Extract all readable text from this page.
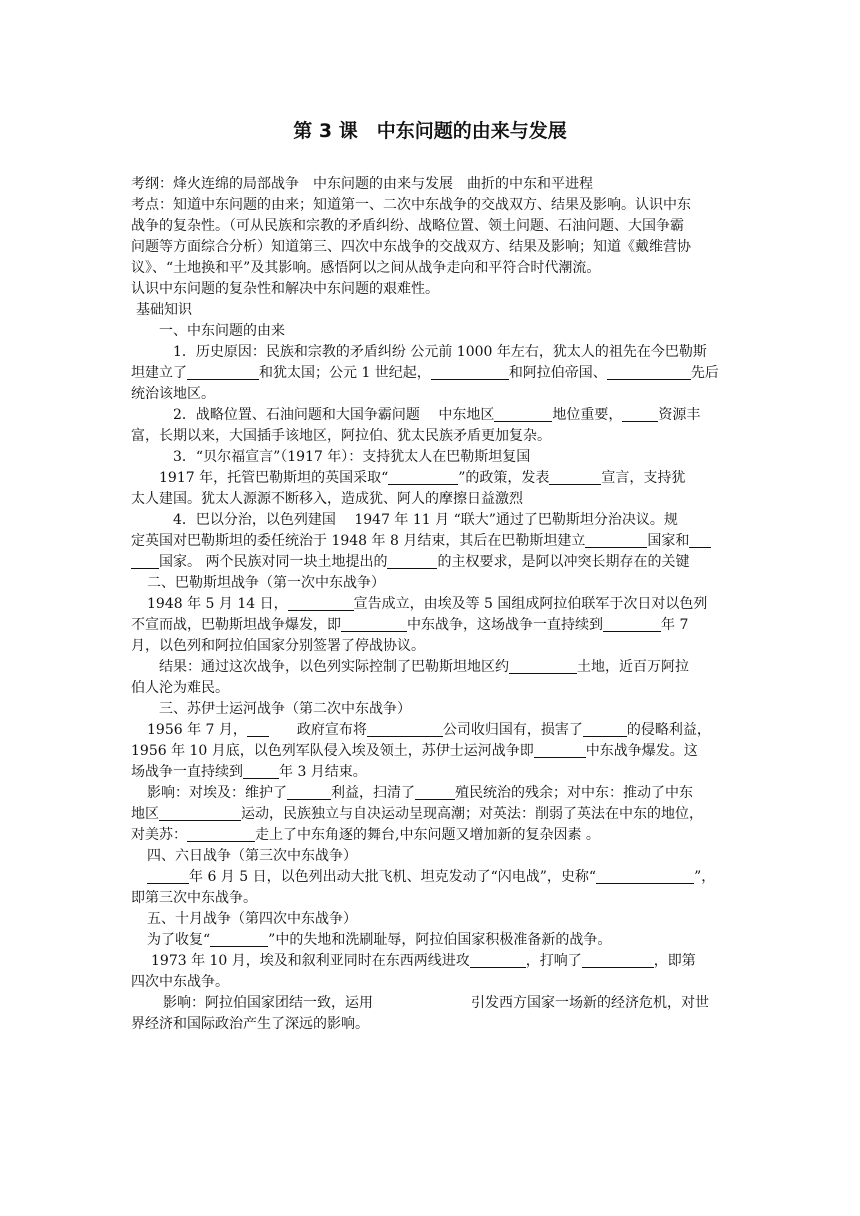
第 3 课　中东问题的由来与发展
考纲：烽火连绵的局部战争　中东问题的由来与发展　曲折的中东和平进程
考点：知道中东问题的由来；知道第一、二次中东战争的交战双方、结果及影响。认识中东
战争的复杂性。（可从民族和宗教的矛盾纠纷、战略位置、领土问题、石油问题、大国争霸
问题等方面综合分析）知道第三、四次中东战争的交战双方、结果及影响；知道《戴维营协
议》、“土地换和平”及其影响。感悟阿以之间从战争走向和平符合时代潮流。
认识中东问题的复杂性和解决中东问题的艰难性。
基础知识
一、中东问题的由来
　1．历史原因：民族和宗教的矛盾纠纷 公元前 1000 年左右，犹太人的祖先在今巴勒斯
坦建立了	和犹太国；公元 1 世纪起，	和阿拉伯帝国、	先后
统治该地区。
　2．战略位置、石油问题和大国争霸问题　 中东地区	地位重要，	资源丰
富，长期以来，大国插手该地区，阿拉伯、犹太民族矛盾更加复杂。
　3．“贝尔福宣言”（1917 年）：支持犹太人在巴勒斯坦复国
1917 年，托管巴勒斯坦的英国采取“	”的政策，发表	宣言，支持犹
太人建国。犹太人源源不断移入，造成犹、阿人的摩擦日益激烈
　4．巴以分治，以色列建国　 1947 年 11 月 “联大”通过了巴勒斯坦分治决议。规
定英国对巴勒斯坦的委任统治于 1948 年 8 月结束，其后在巴勒斯坦建立	国家和
国家。 两个民族对同一块土地提出的	的主权要求，是阿以冲突长期存在的关键
二、巴勒斯坦战争（第一次中东战争）
1948 年 5 月 14 日，	宣告成立，由埃及等 5 国组成阿拉伯联军于次日对以色列
不宣而战，巴勒斯坦战争爆发，即	中东战争，这场战争一直持续到	年 7
月，以色列和阿拉伯国家分别签署了停战协议。
结果：通过这次战争，以色列实际控制了巴勒斯坦地区约	土地，近百万阿拉
伯人沦为难民。
三、苏伊士运河战争（第二次中东战争）
1956 年 7 月，	政府宣布将	公司收归国有，损害了	的侵略利益，
1956 年 10 月底，以色列军队侵入埃及领土，苏伊士运河战争即	中东战争爆发。这
场战争一直持续到	年 3 月结束。
影响：对埃及：维护了	利益，扫清了	殖民统治的残余；对中东：推动了中东
地区	运动，民族独立与自决运动呈现高潮；对英法：削弱了英法在中东的地位，
对美苏：	走上了中东角逐的舞台,中东问题又增加新的复杂因素 。
四、六日战争（第三次中东战争）
年 6 月 5 日，以色列出动大批飞机、坦克发动了“闪电战”，史称“	”，
即第三次中东战争。
五、十月战争（第四次中东战争）
为了收复“	”中的失地和洗刷耻辱，阿拉伯国家积极准备新的战争。
1973 年 10 月，埃及和叙利亚同时在东西两线进攻	，打响了	，即第
四次中东战争。
影响：阿拉伯国家团结一致，运用	引发西方国家一场新的经济危机，对世
界经济和国际政治产生了深远的影响。
